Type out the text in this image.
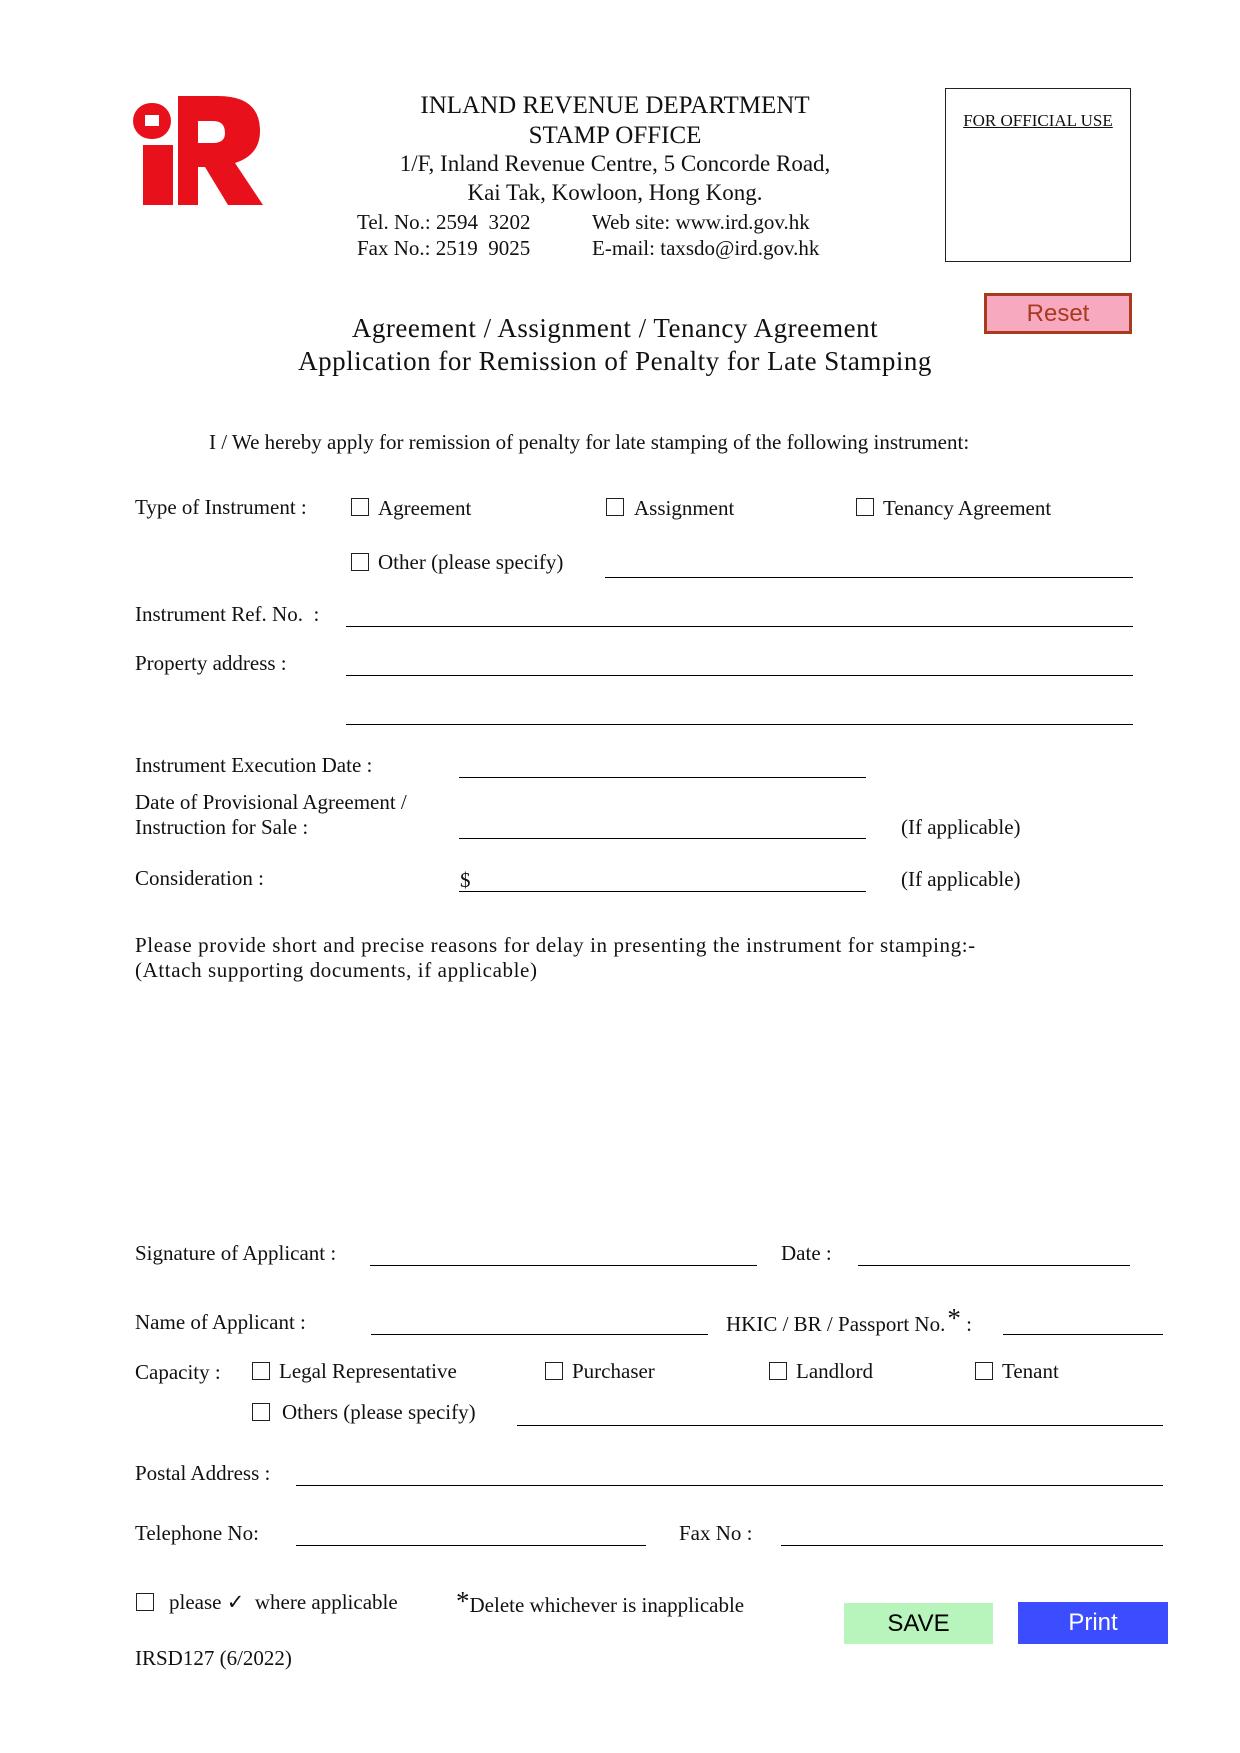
INLAND REVENUE DEPARTMENT
STAMP OFFICE
1/F, Inland Revenue Centre, 5 Concorde Road,
Kai Tak, Kowloon, Hong Kong.
Tel. No.: 2594  3202
Fax No.: 2519  9025
Web site: www.ird.gov.hk
E-mail: taxsdo@ird.gov.hk
FOR OFFICIAL USE
Reset
Agreement / Assignment / Tenancy Agreement
Application for Remission of Penalty for Late Stamping
I / We hereby apply for remission of penalty for late stamping of the following instrument:
Type of Instrument :	Agreement	Assignment	Tenancy Agreement
Other (please specify)
Instrument Ref. No.  :
Property address :
Instrument Execution Date :
Date of Provisional Agreement /
Instruction for Sale :	(If applicable)
Consideration :	$	(If applicable)
Please provide short and precise reasons for delay in presenting the instrument for stamping:-
(Attach supporting documents, if applicable)
Signature of Applicant :	Date :
Name of Applicant :	HKIC / BR / Passport No.* :
Capacity :	Legal Representative	Purchaser	Landlord	Tenant
Others (please specify)
Postal Address :
Telephone No:	Fax No :
please ✓ where applicable *Delete whichever is inapplicable
IRSD127 (6/2022)
SAVE	Print
